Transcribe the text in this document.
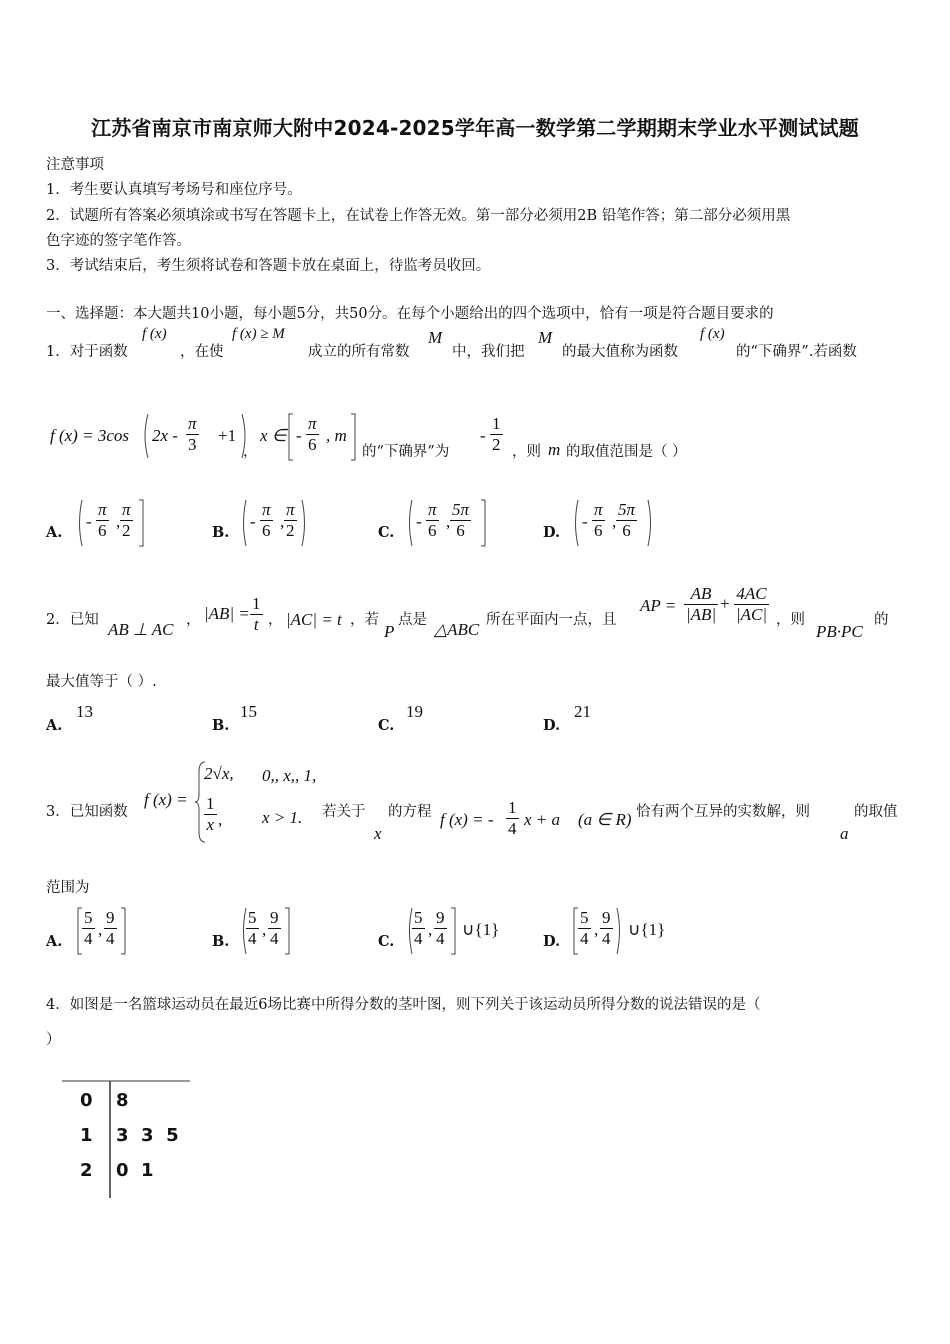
江苏省南京市南京师大附中2024-2025学年高一数学第二学期期末学业水平测试试题
注意事项
1．考生要认真填写考场号和座位序号。
2．试题所有答案必须填涂或书写在答题卡上，在试卷上作答无效。第一部分必须用2B 铅笔作答；第二部分必须用黑
色字迹的签字笔作答。
3．考试结束后，考生须将试卷和答题卡放在桌面上，待监考员收回。
一、选择题：本大题共10小题，每小题5分，共50分。在每个小题给出的四个选项中，恰有一项是符合题目要求的
1．对于函数
f (x)
，在使
f (x) ≥ M
成立的所有常数
M
中，我们把
M
的最大值称为函数
f (x)
的“下确界”.若函数
f (x) = 3cos $2x - \frac{\pi}{3} +1$
，
x ∈ - $\frac{\pi}{6}$ , m
的“下确界”为
- $\frac{1}{2}$ ，则 m 的取值范围是（ ）
A.
- $\frac{\pi}{6}$ , $\frac{\pi}{2}$	B.
- $\frac{\pi}{6}$ , $\frac{\pi}{2}$	C.
- $\frac{\pi}{6}$ , $\frac{5\pi}{6}$	D.
- $\frac{\pi}{6}$ , $\frac{5\pi}{6}$
2．已知 AB ⊥ AC ， $|AB| = \frac{1}{t}$ ， |AC| = t ，若
P
点是 △ABC 所在平面内一点，且
AP = $\frac{AB}{|AB|} + \frac{4AC}{|AC|}$ ，则
PB·PC
的
最大值等于（ ）.
A.
13
B.
15
C.
19
D.
21
3．已知函数
f (x) =
2√x, 0,, x,, 1,
$\frac{1}{x}$ , x > 1. 若关于
x
的方程 f (x) = - $\frac{1}{4}$ x + a (a ∈ R) 恰有两个互异的实数解，则
a
的取值
范围为
A. $\frac{5}{4}$ , $\frac{9}{4}$	B. $\frac{5}{4}$ , $\frac{9}{4}$	C. $\frac{5}{4}$ , $\frac{9}{4}$ ∪{1}
D. $\frac{5}{4}$ , $\frac{9}{4}$ ∪{1}
4．如图是一名篮球运动员在最近6场比赛中所得分数的茎叶图，则下列关于该运动员所得分数的说法错误的是（
）
0 8
1 3  3  5
2 0  1
